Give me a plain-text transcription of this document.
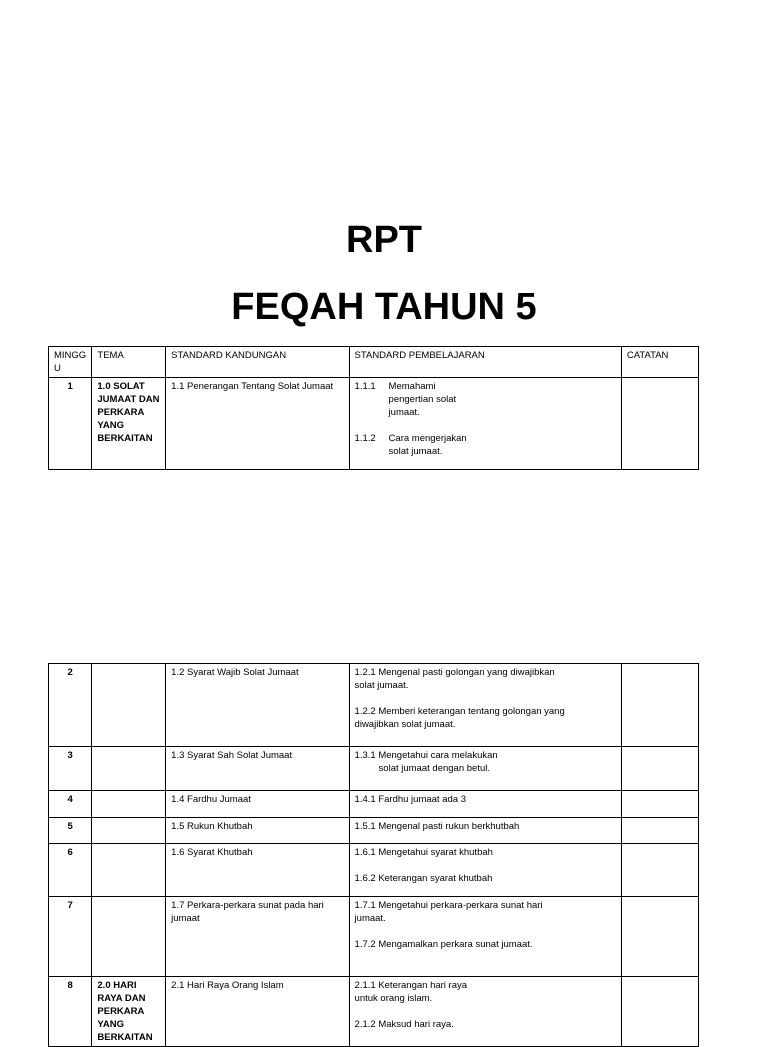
RPT
FEQAH TAHUN 5
MINGG U	TEMA	STANDARD KANDUNGAN	STANDARD PEMBELAJARAN	CATATAN
1	1.0 SOLAT JUMAAT DAN PERKARA YANG BERKAITAN	1.1 Penerangan Tentang Solat Jumaat	1.1.1 Memahami
pengertian solat
jumaat.
1.1.2 Cara mengerjakan
solat jumaat.	

2		1.2 Syarat Wajib Solat Jumaat	1.2.1 Mengenal pasti golongan yang diwajibkan
solat jumaat.
1.2.2 Memberi keterangan tentang golongan yang
diwajibkan solat jumaat.	

3		1.3 Syarat Sah Solat Jumaat	1.3.1 Mengetahui cara melakukan
solat jumaat dengan betul.	

4		1.4 Fardhu Jumaat	1.4.1 Fardhu jumaat ada 3	

5		1.5 Rukun Khutbah	1.5.1 Mengenal pasti rukun berkhutbah	

6		1.6 Syarat Khutbah	1.6.1 Mengetahui syarat khutbah
1.6.2 Keterangan syarat khutbah	

7		1.7 Perkara-perkara sunat pada hari jumaat	1.7.1 Mengetahui perkara-perkara sunat hari
jumaat.
1.7.2 Mengamalkan perkara sunat jumaat.	

8	2.0 HARI RAYA DAN PERKARA YANG BERKAITAN	2.1 Hari Raya Orang Islam	2.1.1 Keterangan hari raya
untuk orang islam.
2.1.2 Maksud hari raya.	
